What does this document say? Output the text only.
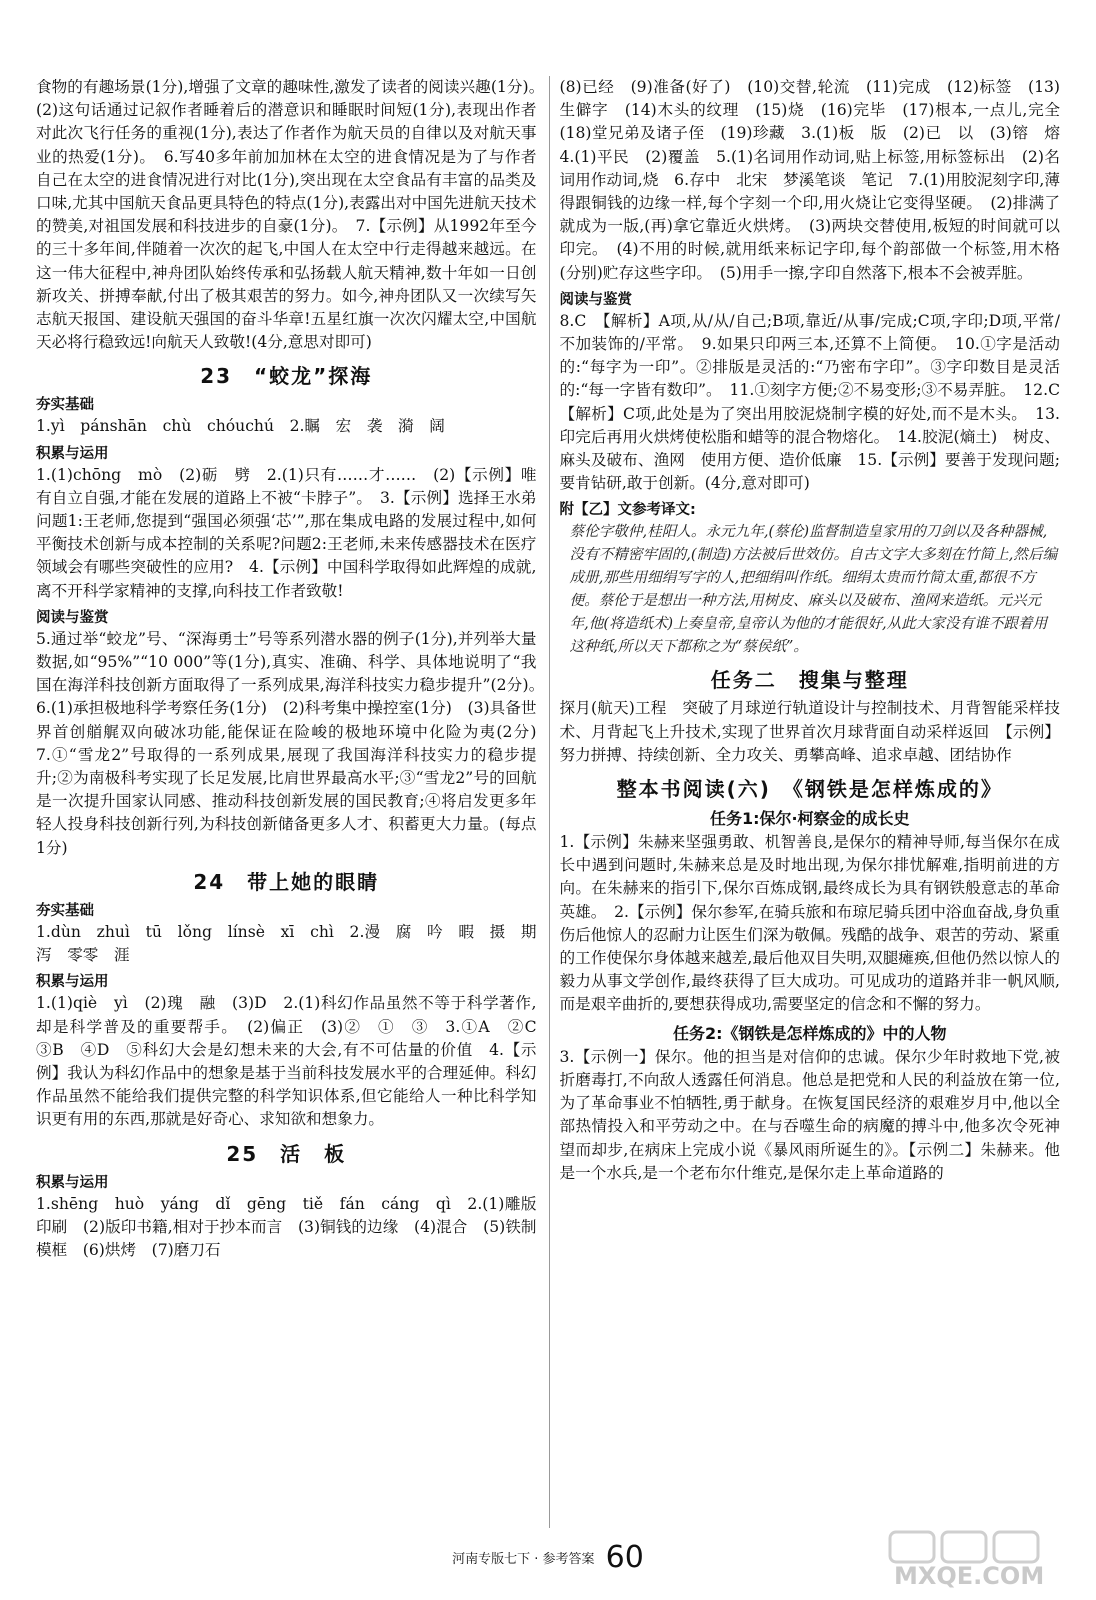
食物的有趣场景(1分),增强了文章的趣味性,激发了读者的阅读兴趣(1分)。　(2)这句话通过记叙作者睡着后的潜意识和睡眠时间短(1分),表现出作者对此次飞行任务的重视(1分),表达了作者作为航天员的自律以及对航天事业的热爱(1分)。　6.写40多年前加加林在太空的进食情况是为了与作者自己在太空的进食情况进行对比(1分),突出现在太空食品有丰富的品类及口味,尤其中国航天食品更具特色的特点(1分),表露出对中国先进航天技术的赞美,对祖国发展和科技进步的自豪(1分)。　7.【示例】从1992年至今的三十多年间,伴随着一次次的起飞,中国人在太空中行走得越来越远。在这一伟大征程中,神舟团队始终传承和弘扬载人航天精神,数十年如一日创新攻关、拼搏奉献,付出了极其艰苦的努力。如今,神舟团队又一次续写矢志航天报国、建设航天强国的奋斗华章!五星红旗一次次闪耀太空,中国航天必将行稳致远!向航天人致敬!(4分,意思对即可)
23　“蛟龙”探海
夯实基础
1.yì　pánshān　chù　chóuchú　2.瞩　宏　袭　漪　阔
积累与运用
1.(1)chōng　mò　(2)砺　劈　2.(1)只有……才……　(2)【示例】唯有自立自强,才能在发展的道路上不被“卡脖子”。　3.【示例】选择王水弟　问题1:王老师,您提到“强国必须强‘芯’”,那在集成电路的发展过程中,如何平衡技术创新与成本控制的关系呢?问题2:王老师,未来传感器技术在医疗领域会有哪些突破性的应用?　4.【示例】中国科学取得如此辉煌的成就,离不开科学家精神的支撑,向科技工作者致敬!
阅读与鉴赏
5.通过举“蛟龙”号、“深海勇士”号等系列潜水器的例子(1分),并列举大量数据,如“95%”“10 000”等(1分),真实、准确、科学、具体地说明了“我国在海洋科技创新方面取得了一系列成果,海洋科技实力稳步提升”(2分)。　6.(1)承担极地科学考察任务(1分)　(2)科考集中操控室(1分)　(3)具备世界首创艏艉双向破冰功能,能保证在险峻的极地环境中化险为夷(2分)　7.①“雪龙2”号取得的一系列成果,展现了我国海洋科技实力的稳步提升;②为南极科考实现了长足发展,比肩世界最高水平;③“雪龙2”号的回航是一次提升国家认同感、推动科技创新发展的国民教育;④将启发更多年轻人投身科技创新行列,为科技创新储备更多人才、积蓄更大力量。(每点1分)
24　带上她的眼睛
夯实基础
1.dùn　zhuì　tū　lǒng　línsè　xī　chì　2.漫　腐　吟　暇　摄　期　泻　零零　涯
积累与运用
1.(1)qiè　yì　(2)瑰　融　(3)D　2.(1)科幻作品虽然不等于科学著作,却是科学普及的重要帮手。　(2)偏正　(3)②　①　③　3.①A　②C　③B　④D　⑤科幻大会是幻想未来的大会,有不可估量的价值　4.【示例】我认为科幻作品中的想象是基于当前科技发展水平的合理延伸。科幻作品虽然不能给我们提供完整的科学知识体系,但它能给人一种比科学知识更有用的东西,那就是好奇心、求知欲和想象力。
25　活　板
积累与运用
1.shēng　huò　yáng　dǐ　gēng　tiě　fán　cáng　qì　2.(1)雕版印刷　(2)版印书籍,相对于抄本而言　(3)铜钱的边缘　(4)混合　(5)铁制模框　(6)烘烤　(7)磨刀石
(8)已经　(9)准备(好了)　(10)交替,轮流　(11)完成　(12)标签　(13)生僻字　(14)木头的纹理　(15)烧　(16)完毕　(17)根本,一点儿,完全　(18)堂兄弟及诸子侄　(19)珍藏　3.(1)板　版　(2)已　以　(3)镕　熔　4.(1)平民　(2)覆盖　5.(1)名词用作动词,贴上标签,用标签标出　(2)名词用作动词,烧　6.存中　北宋　梦溪笔谈　笔记　7.(1)用胶泥刻字印,薄得跟铜钱的边缘一样,每个字刻一个印,用火烧让它变得坚硬。　(2)排满了就成为一版,(再)拿它靠近火烘烤。　(3)两块交替使用,板短的时间就可以印完。　(4)不用的时候,就用纸来标记字印,每个韵部做一个标签,用木格(分别)贮存这些字印。　(5)用手一擦,字印自然落下,根本不会被弄脏。
阅读与鉴赏
8.C　【解析】A项,从/从/自己;B项,靠近/从事/完成;C项,字印;D项,平常/不加装饰的/平常。　9.如果只印两三本,还算不上简便。　10.①字是活动的:“每字为一印”。②排版是灵活的:“乃密布字印”。③字印数目是灵活的:“每一字皆有数印”。　11.①刻字方便;②不易变形;③不易弄脏。　12.C　【解析】C项,此处是为了突出用胶泥烧制字模的好处,而不是木头。　13.印完后再用火烘烤使松脂和蜡等的混合物熔化。　14.胶泥(熵土)　树皮、麻头及破布、渔网　使用方便、造价低廉　15.【示例】要善于发现问题;要肯钻研,敢于创新。(4分,意对即可)
附【乙】文参考译文:
蔡伦字敬仲,桂阳人。永元九年,(蔡伦)监督制造皇家用的刀剑以及各种器械,没有不精密牢固的,(制造)方法被后世效仿。自古文字大多刻在竹简上,然后编成册,那些用细绢写字的人,把细绢叫作纸。细绢太贵而竹简太重,都很不方便。蔡伦于是想出一种方法,用树皮、麻头以及破布、渔网来造纸。元兴元年,他(将造纸术)上奏皇帝,皇帝认为他的才能很好,从此大家没有谁不跟着用这种纸,所以天下都称之为“蔡侯纸”。
任务二　搜集与整理
探月(航天)工程　突破了月球逆行轨道设计与控制技术、月背智能采样技术、月背起飞上升技术,实现了世界首次月球背面自动采样返回　【示例】努力拼搏、持续创新、全力攻关、勇攀高峰、追求卓越、团结协作
整本书阅读(六)　《钢铁是怎样炼成的》
任务1:保尔·柯察金的成长史
1.【示例】朱赫来坚强勇敢、机智善良,是保尔的精神导师,每当保尔在成长中遇到问题时,朱赫来总是及时地出现,为保尔排忧解难,指明前进的方向。在朱赫来的指引下,保尔百炼成钢,最终成长为具有钢铁般意志的革命英雄。　2.【示例】保尔参军,在骑兵旅和布琼尼骑兵团中浴血奋战,身负重伤后他惊人的忍耐力让医生们深为敬佩。残酷的战争、艰苦的劳动、紧重的工作使保尔身体越来越差,最后他双目失明,双腿瘫痪,但他仍然以惊人的毅力从事文学创作,最终获得了巨大成功。可见成功的道路并非一帆风顺,而是艰辛曲折的,要想获得成功,需要坚定的信念和不懈的努力。
任务2:《钢铁是怎样炼成的》中的人物
3.【示例一】保尔。他的担当是对信仰的忠诚。保尔少年时救地下党,被折磨毒打,不向敌人透露任何消息。他总是把党和人民的利益放在第一位,为了革命事业不怕牺牲,勇于献身。在恢复国民经济的艰难岁月中,他以全部热情投入和平劳动之中。在与吞噬生命的病魔的搏斗中,他多次令死神望而却步,在病床上完成小说《暴风雨所诞生的》。【示例二】朱赫来。他是一个水兵,是一个老布尔什维克,是保尔走上革命道路的
河南专版七下 · 参考答案 60
MXQE.COM
